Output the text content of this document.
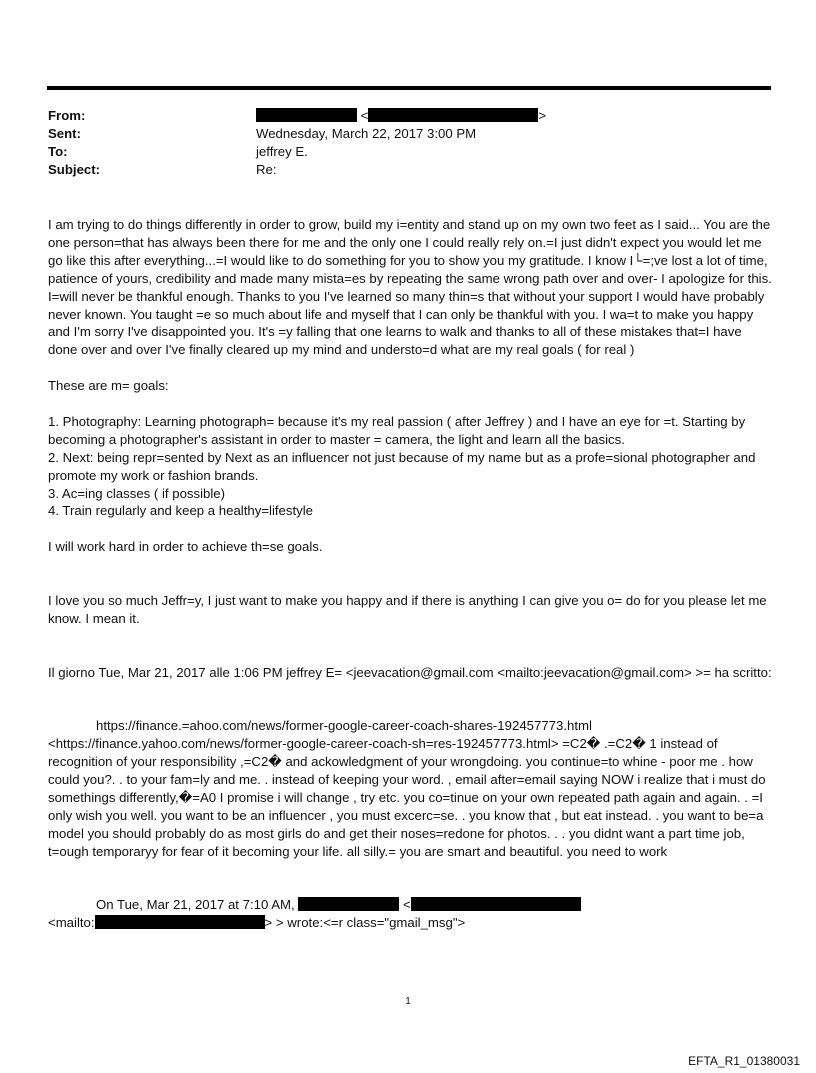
From:	<	>
Sent:	Wednesday, March 22, 2017 3:00 PM
To:	jeffrey E.
Subject:	Re:

I am trying to do things differently in order to grow, build my i=entity and stand up on my own two feet as I said... You are the one person=that has always been there for me and the only one I could really rely on.=I just didn't expect you would let me go like this after everything...=I would like to do something for you to show you my gratitude. I know I└=;ve lost a lot of time, patience of yours, credibility and made many mista=es by repeating the same wrong path over and over- I apologize for this. I=will never be thankful enough. Thanks to you I've learned so many thin=s that without your support I would have probably never known. You taught =e so much about life and myself that I can only be thankful with you. I wa=t to make you happy and I'm sorry I've disappointed you. It's =y falling that one learns to walk and thanks to all of these mistakes that=I have done over and over I've finally cleared up my mind and understo=d what are my real goals ( for real )

These are m= goals:

1. Photography: Learning photograph= because it's my real passion ( after Jeffrey ) and I have an eye for =t. Starting by becoming a photographer's assistant in order to master = camera, the light and learn all the basics.

2. Next: being repr=sented by Next as an influencer not just because of my name but as a profe=sional photographer and promote my work or fashion brands.

3. Ac=ing classes ( if possible)

4. Train regularly and keep a healthy=lifestyle

I will work hard in order to achieve th=se goals.

I love you so much Jeffr=y, I just want to make you happy and if there is anything I can give you o= do for you please let me know. I mean it.

Il giorno Tue, Mar 21, 2017 alle 1:06 PM jeffrey E= <jeevacation@gmail.com <mailto:jeevacation@gmail.com> >= ha scritto:

https://finance.=ahoo.com/news/former-google-career-coach-shares-192457773.html

<https://finance.yahoo.com/news/former-google-career-coach-sh=res-192457773.html> =C2� .=C2� 1 instead of recognition of your responsibility ,=C2� and ackowledgment of your wrongdoing. you continue=to whine - poor me . how could you?. . to your fam=ly and me. . instead of keeping your word. , email after=email saying NOW i realize that i must do somethings differently,�=A0 I promise i will change , try etc. you co=tinue on your own repeated path again and again. . =I only wish you well. you want to be an influencer , you must excerc=se. . you know that , but eat instead. . you want to be=a model you should probably do as most girls do and get their noses=redone for photos. . . you didnt want a part time job, t=ough temporaryy for fear of it becoming your life. all silly.= you are smart and beautiful. you need to work

On Tue, Mar 21, 2017 at 7:10 AM,	<

<mailto:	> > wrote:<=r class="gmail_msg">

1
EFTA_R1_01380031
